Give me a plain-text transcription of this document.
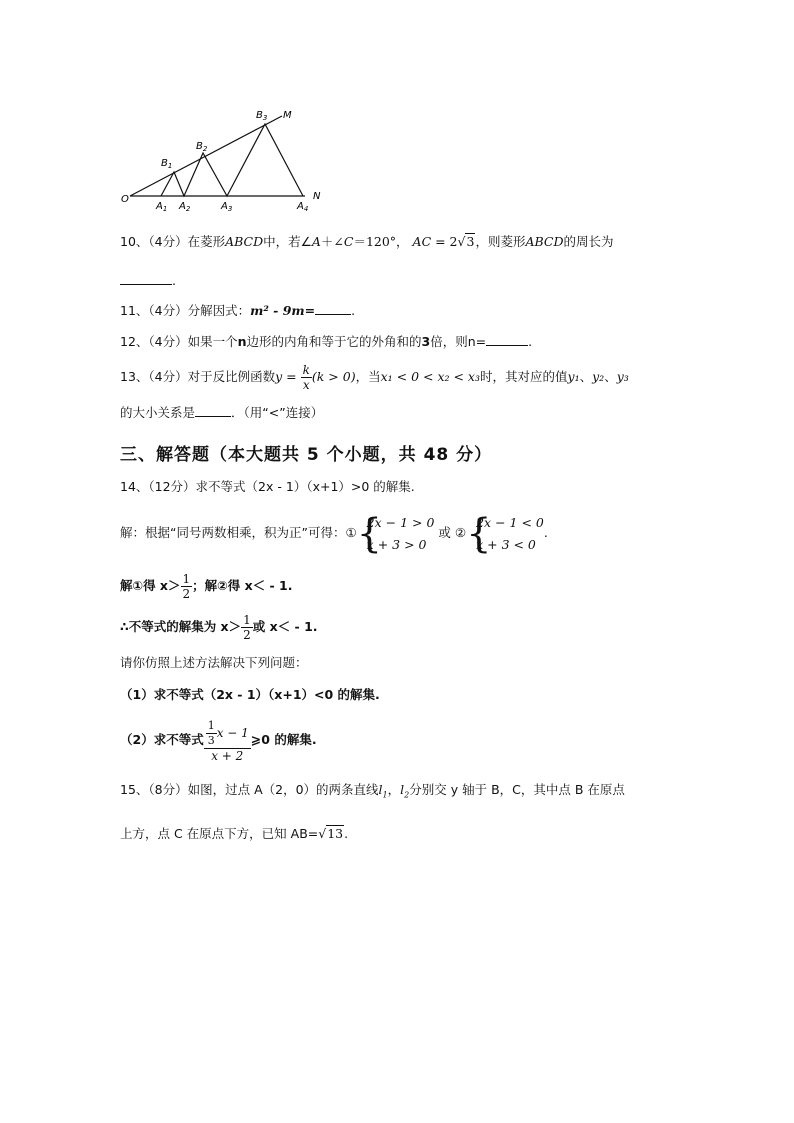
O
M
N
$A_1$ $A_2$	$A_3$	$A_4$
$B_1$
$B_2$
$B_3$
10、（4分）在菱形ABCD中，若∠A＋∠C＝120°， AC = 2√3，则菱形ABCD的周长为
.
11、（4分）分解因式：m² - 9m=	.
12、（4分）如果一个n边形的内角和等于它的外角和的3倍，则n=	.
13、（4分）对于反比例函数$y = \frac{k}{x} (k > 0)$，当x₁ < 0 < x₂ < x₃时，其对应的值y₁、y₂、y₃
的大小关系是	．（用“<”连接）
三、解答题（本大题共 5 个小题，共 48 分）
14、（12分）求不等式（2x - 1）（x+1）>0 的解集.
解：根据“同号两数相乘，积为正”可得：① {
2x − 1 > 0
x + 3 > 0
或 ② {
2x − 1 < 0
x + 3 < 0
.
解①得 $x> \frac{1}{2}$ ；解②得 x＜ - 1.
∴不等式的解集为 $x> \frac{1}{2}$ 或 x＜ - 1.
请你仿照上述方法解决下列问题：
（1）求不等式（2x - 1）（x+1）<0 的解集.
（2）求不等式 $\frac{\frac{1}{3} x - 1}{x + 2}$ ⩾0 的解集.
15、（8分）如图，过点 A（2，0）的两条直线$l_1$，$l_2$分别交 y 轴于 B，C，其中点 B 在原点
上方，点 C 在原点下方，已知 AB=√13.
